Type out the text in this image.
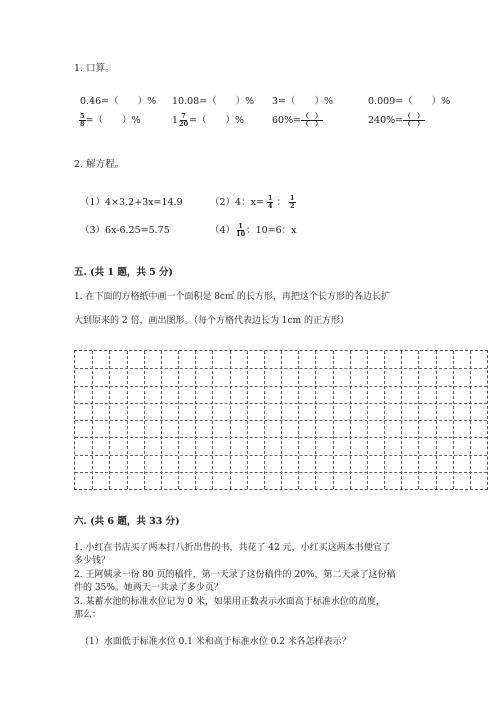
1. 口算。
0.46=（　　）% 10.08=（　　）% 3=（　　）%	0.009=（　　）%
$\frac{5}{8}$ =（　　）%	$1 \frac{7}{20}$ =（　　）%	$60\%= \frac{( )}{( )}$	$240\%= \frac{( )}{( )}$
2. 解方程。
（1）4×3.2+3x=14.9	（2）4：$x= \frac{1}{4}$ ： $\frac{1}{2}$
（3）6x-6.25=5.75	$(4) \frac{1}{10}$ ：10=6：x
五. (共 1 题，共 5 分)
1. 在下面的方格纸中画一个面积是 8c㎡ 的长方形，再把这个长方形的各边长扩
大到原来的 2 倍，画出图形。（每个方格代表边长为 1cm 的正方形）
六. (共 6 题，共 33 分)
1. 小红在书店买了两本打八折出售的书，共花了 42 元，小红买这两本书便宜了
多少钱？
2. 王阿姨录一份 80 页的稿件，第一天录了这份稿件的 20%，第二天录了这份稿
件的 35%。她两天一共录了多少页？
3. 某蓄水池的标准水位记为 0 米，如果用正数表示水面高于标准水位的高度，
那么：
（1）水面低于标准水位 0.1 米和高于标准水位 0.2 米各怎样表示？
